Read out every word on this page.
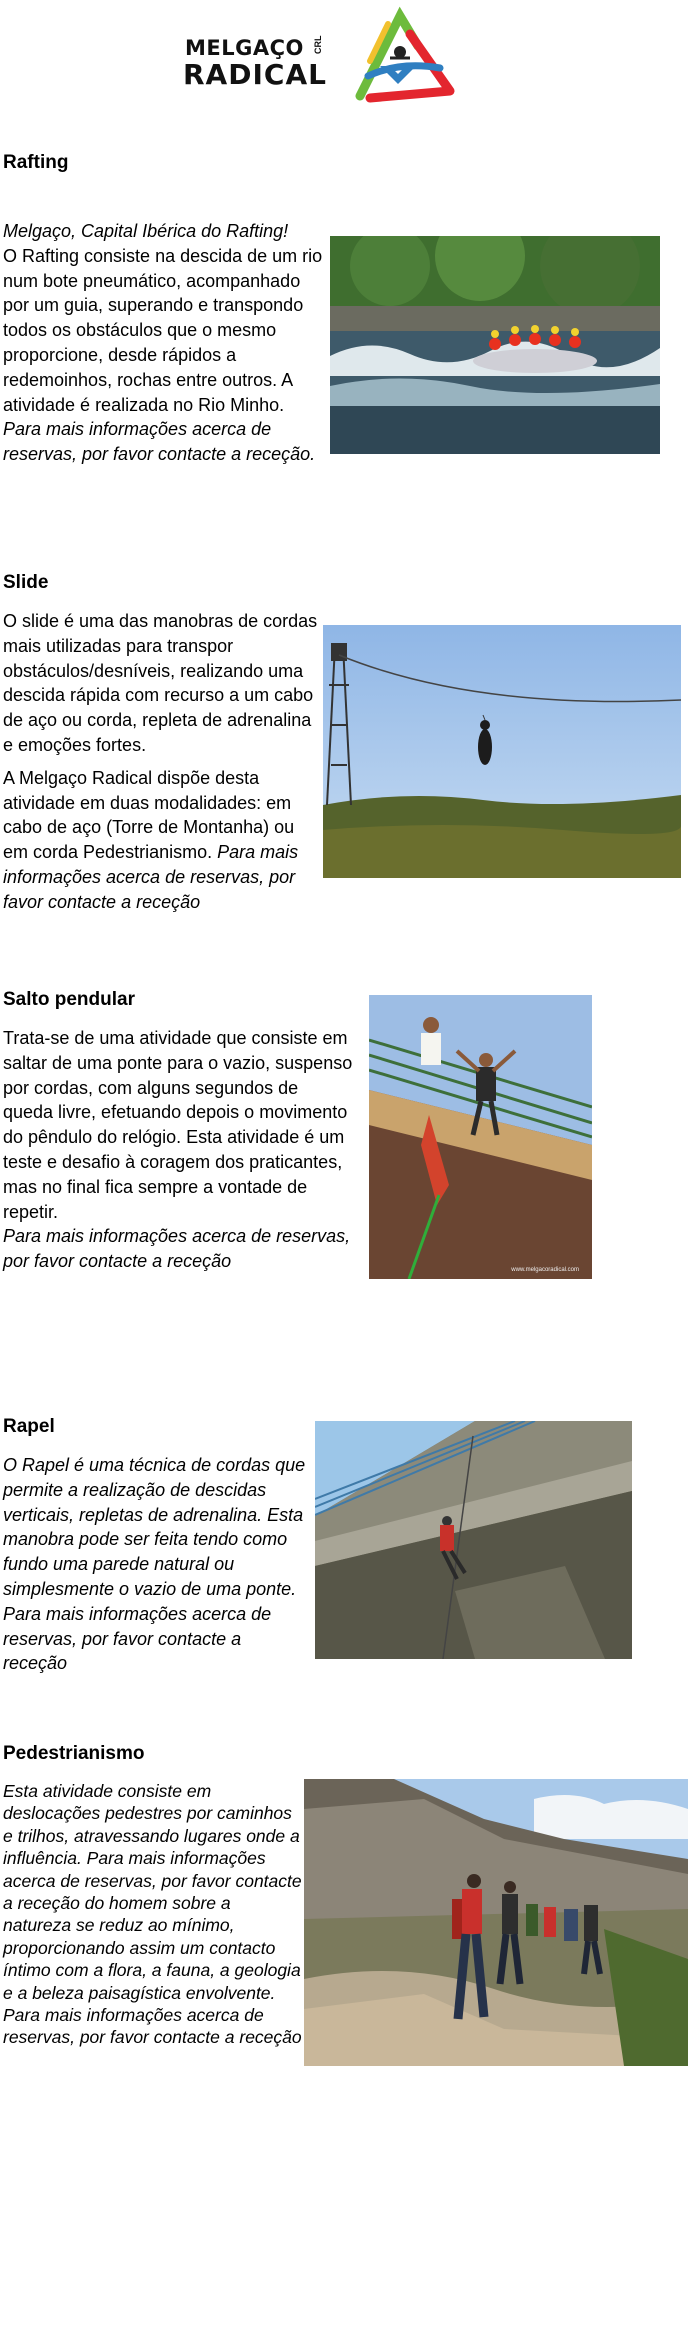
MELGAÇO
RADICAL
CRL
Rafting

Melgaço, Capital Ibérica do Rafting!

O Rafting consiste na descida de um rio num bote pneumático, acompanhado por um guia, superando e transpondo todos os obstáculos que o mesmo proporcione, desde rápidos a redemoinhos, rochas entre outros. A atividade é realizada no Rio Minho.

Para mais informações acerca de reservas, por favor contacte a receção.

Slide

O slide é uma das manobras de cordas mais utilizadas para transpor obstáculos/desníveis, realizando uma descida rápida com recurso a um cabo de aço ou corda, repleta de adrenalina e emoções fortes.

A Melgaço Radical dispõe desta atividade em duas modalidades: em cabo de aço (Torre de Montanha) ou em corda Pedestrianismo. Para mais informações acerca de reservas, por favor contacte a receção

Salto pendular

Trata-se de uma atividade que consiste em saltar de uma ponte para o vazio, suspenso por cordas, com alguns segundos de queda livre, efetuando depois o movimento do pêndulo do relógio. Esta atividade é um teste e desafio à coragem dos praticantes, mas no final fica sempre a vontade de repetir.

Para mais informações acerca de reservas, por favor contacte a receção	www.melgacoradical.com
Rapel

O Rapel é uma técnica de cordas que permite a realização de descidas verticais, repletas de adrenalina. Esta manobra pode ser feita tendo como fundo uma parede natural ou simplesmente o vazio de uma ponte. Para mais informações acerca de reservas, por favor contacte a receção

Pedestrianismo

Esta atividade consiste em deslocações pedestres por caminhos e trilhos, atravessando lugares onde a influência. Para mais informações acerca de reservas, por favor contacte a receção do homem sobre a natureza se reduz ao mínimo, proporcionando assim um contacto íntimo com a flora, a fauna, a geologia e a beleza paisagística envolvente. Para mais informações acerca de reservas, por favor contacte a receção
